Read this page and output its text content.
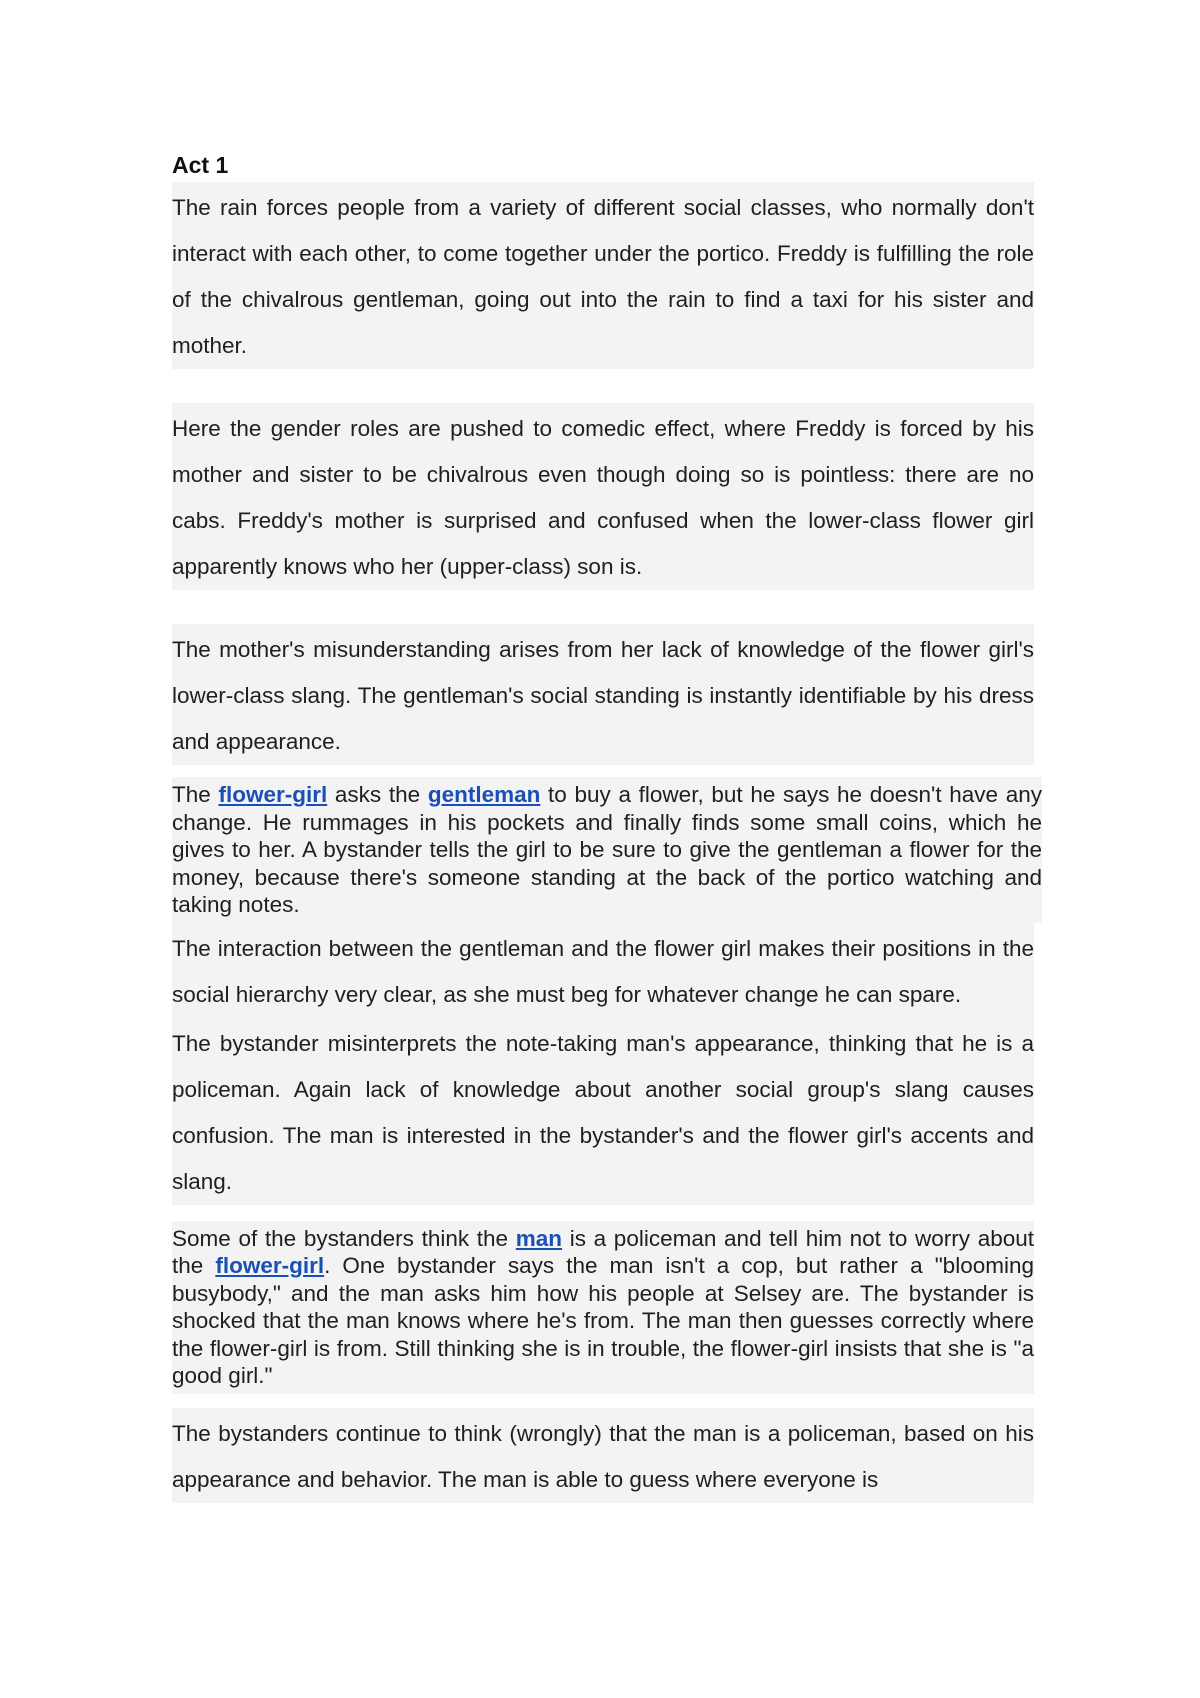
Act 1

The rain forces people from a variety of different social classes, who normally don't interact with each other, to come together under the portico. Freddy is fulfilling the role of the chivalrous gentleman, going out into the rain to find a taxi for his sister and mother.

Here the gender roles are pushed to comedic effect, where Freddy is forced by his mother and sister to be chivalrous even though doing so is pointless: there are no cabs. Freddy's mother is surprised and confused when the lower-class flower girl apparently knows who her (upper-class) son is.

The mother's misunderstanding arises from her lack of knowledge of the flower girl's lower-class slang. The gentleman's social standing is instantly identifiable by his dress and appearance.

The flower-girl asks the gentleman to buy a flower, but he says he doesn't have any change. He rummages in his pockets and finally finds some small coins, which he gives to her. A bystander tells the girl to be sure to give the gentleman a flower for the money, because there's someone standing at the back of the portico watching and taking notes.

The interaction between the gentleman and the flower girl makes their positions in the social hierarchy very clear, as she must beg for whatever change he can spare.

The bystander misinterprets the note-taking man's appearance, thinking that he is a policeman. Again lack of knowledge about another social group's slang causes confusion. The man is interested in the bystander's and the flower girl's accents and slang.

Some of the bystanders think the man is a policeman and tell him not to worry about the flower-girl. One bystander says the man isn't a cop, but rather a "blooming busybody," and the man asks him how his people at Selsey are. The bystander is shocked that the man knows where he's from. The man then guesses correctly where the flower-girl is from. Still thinking she is in trouble, the flower-girl insists that she is "a good girl."

The bystanders continue to think (wrongly) that the man is a policeman, based on his appearance and behavior. The man is able to guess where everyone is
